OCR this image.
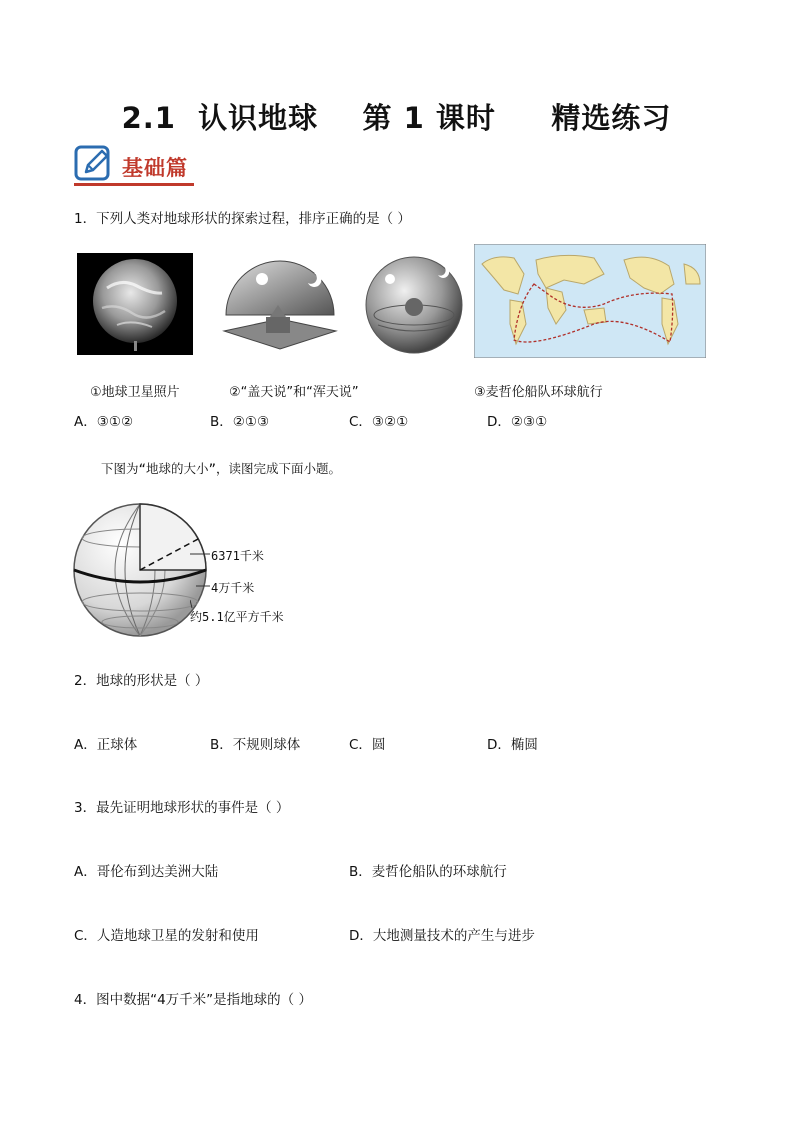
2.1  认识地球    第 1 课时     精选练习
基础篇
1．下列人类对地球形状的探索过程，排序正确的是（ ）
①地球卫星照片	②“盖天说”和“浑天说”	③麦哲伦船队环球航行
A．③①②	B．②①③	C．③②①	D．②③①
下图为“地球的大小”，读图完成下面小题。
6371千米
4万千米
约5.1亿平方千米
2．地球的形状是（ ）
A．正球体	B．不规则球体	C．圆	D．椭圆
3．最先证明地球形状的事件是（ ）
A．哥伦布到达美洲大陆	B．麦哲伦船队的环球航行
C．人造地球卫星的发射和使用	D．大地测量技术的产生与进步
4．图中数据“4万千米”是指地球的（ ）
